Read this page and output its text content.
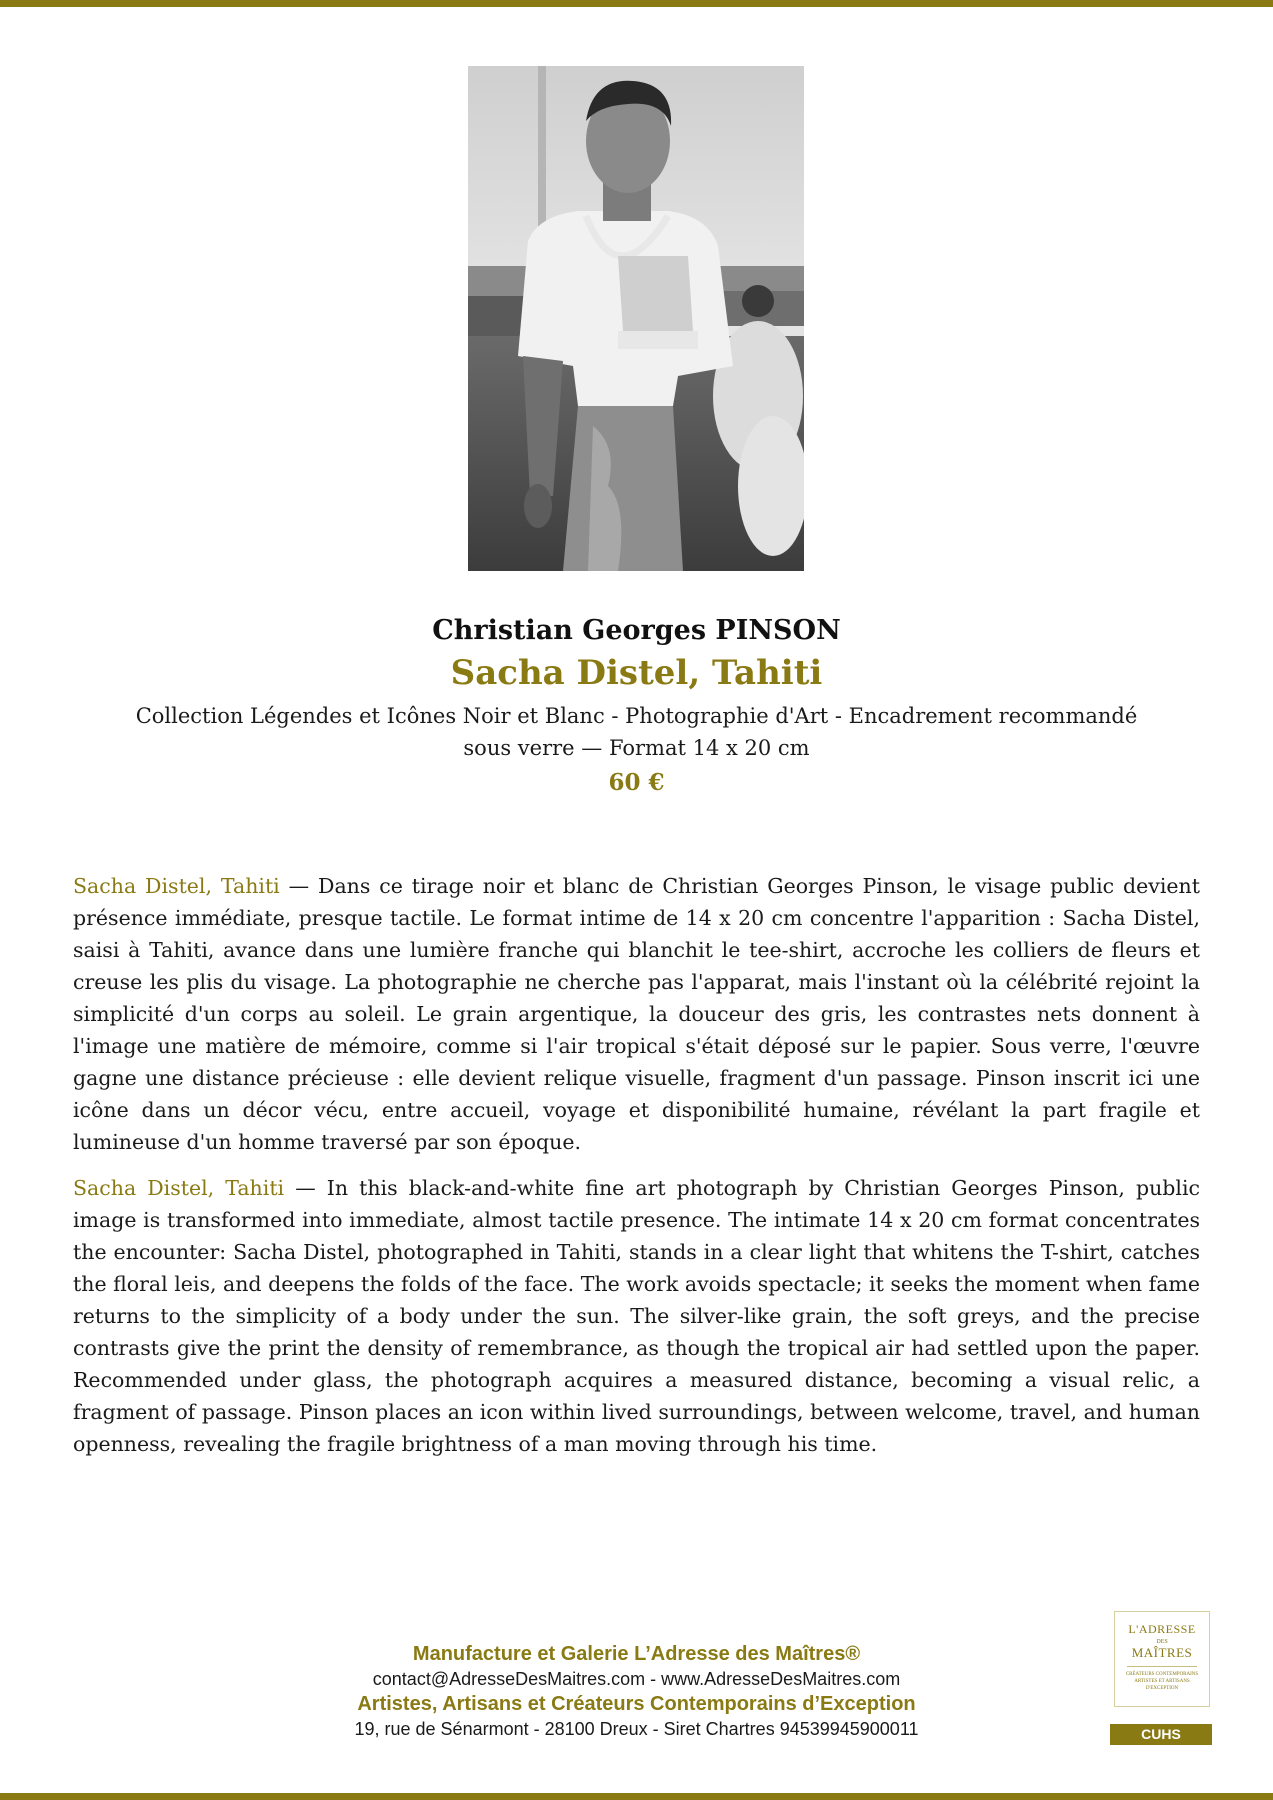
Christian Georges PINSON
Sacha Distel, Tahiti
Collection Légendes et Icônes Noir et Blanc - Photographie d'Art - Encadrement recommandé sous verre — Format 14 x 20 cm
60 €

Sacha Distel, Tahiti — Dans ce tirage noir et blanc de Christian Georges Pinson, le visage public devient présence immédiate, presque tactile. Le format intime de 14 x 20 cm concentre l'apparition : Sacha Distel, saisi à Tahiti, avance dans une lumière franche qui blanchit le tee-shirt, accroche les colliers de fleurs et creuse les plis du visage. La photographie ne cherche pas l'apparat, mais l'instant où la célébrité rejoint la simplicité d'un corps au soleil. Le grain argentique, la douceur des gris, les contrastes nets donnent à l'image une matière de mémoire, comme si l'air tropical s'était déposé sur le papier. Sous verre, l'œuvre gagne une distance précieuse : elle devient relique visuelle, fragment d'un passage. Pinson inscrit ici une icône dans un décor vécu, entre accueil, voyage et disponibilité humaine, révélant la part fragile et lumineuse d'un homme traversé par son époque.

Sacha Distel, Tahiti — In this black-and-white fine art photograph by Christian Georges Pinson, public image is transformed into immediate, almost tactile presence. The intimate 14 x 20 cm format concentrates the encounter: Sacha Distel, photographed in Tahiti, stands in a clear light that whitens the T-shirt, catches the floral leis, and deepens the folds of the face. The work avoids spectacle; it seeks the moment when fame returns to the simplicity of a body under the sun. The silver-like grain, the soft greys, and the precise contrasts give the print the density of remembrance, as though the tropical air had settled upon the paper. Recommended under glass, the photograph acquires a measured distance, becoming a visual relic, a fragment of passage. Pinson places an icon within lived surroundings, between welcome, travel, and human openness, revealing the fragile brightness of a man moving through his time.

Manufacture et Galerie L’Adresse des Maîtres®
contact@AdresseDesMaitres.com - www.AdresseDesMaitres.com
Artistes, Artisans et Créateurs Contemporains d’Exception
19, rue de Sénarmont - 28100 Dreux - Siret Chartres 94539945900011
L'ADRESSE
DES
MAÎTRES
CRÉATEURS CONTEMPORAINS ARTISTES ET ARTISANS D'EXCEPTION
CUHS
